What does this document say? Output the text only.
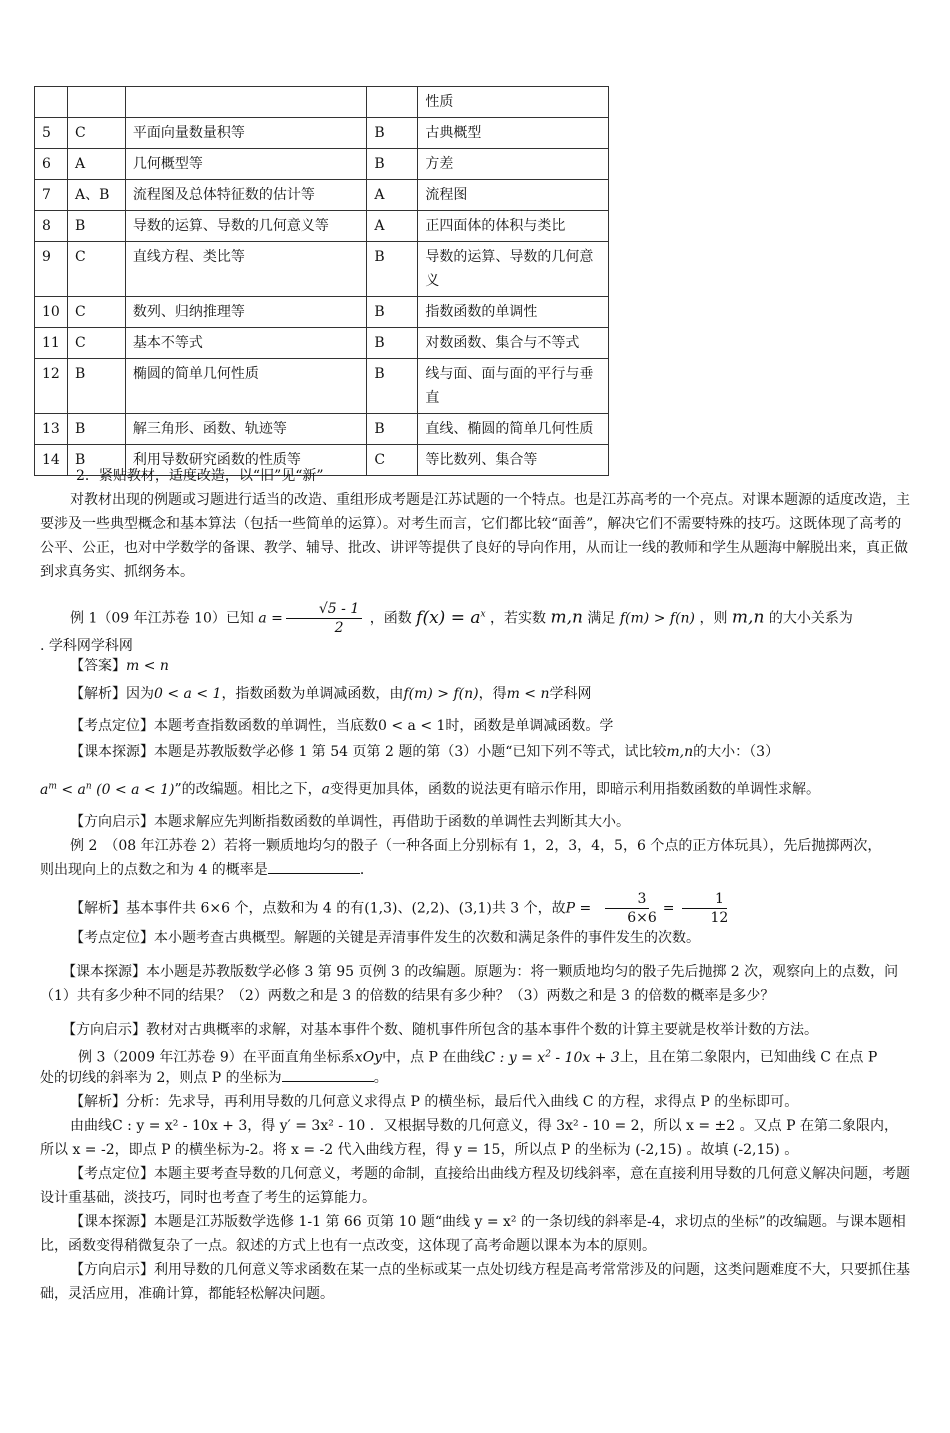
				性质
5	C	平面向量数量积等	B	古典概型
6	A	几何概型等	B	方差
7	A、B	流程图及总体特征数的估计等	A	流程图
8	B	导数的运算、导数的几何意义等	A	正四面体的体积与类比
9	C	直线方程、类比等	B	导数的运算、导数的几何意义
10	C	数列、归纳推理等	B	指数函数的单调性
11	C	基本不等式	B	对数函数、集合与不等式
12	B	椭圆的简单几何性质	B	线与面、面与面的平行与垂直
13	B	解三角形、函数、轨迹等	B	直线、椭圆的简单几何性质
14	B	利用导数研究函数的性质等	C	等比数列、集合等
2．紧贴教材，适度改造，以“旧”见“新”
对教材出现的例题或习题进行适当的改造、重组形成考题是江苏试题的一个特点。也是江苏高考的一个亮点。对课本题源的适度改造，主要涉及一些典型概念和基本算法（包括一些简单的运算）。对考生而言，它们都比较“面善”，解决它们不需要特殊的技巧。这既体现了高考的公平、公正，也对中学数学的备课、教学、辅导、批改、讲评等提供了良好的导向作用，从而让一线的教师和学生从题海中解脱出来，真正做到求真务实、抓纲务本。
例 1（09 年江苏卷 10）已知 $a = \frac{√5 - 1}{2}$ ，函数 $f(x) = a^x$ ，若实数 m,n 满足 f(m) > f(n) ，则 m,n 的大小关系为
. 学科网学科网
【答案】m < n
【解析】因为0 < a < 1，指数函数为单调减函数，由f(m) > f(n)，得m < n学科网
【考点定位】本题考查指数函数的单调性，当底数0 < a < 1时，函数是单调减函数。学
【课本探源】本题是苏教版数学必修 1 第 54 页第 2 题的第（3）小题“已知下列不等式，试比较m,n的大小：（3）
$a^m < a^n$ (0 < a < 1)”的改编题。相比之下，a变得更加具体，函数的说法更有暗示作用，即暗示利用指数函数的单调性求解。
【方向启示】本题求解应先判断指数函数的单调性，再借助于函数的单调性去判断其大小。
例 2　（08 年江苏卷 2）若将一颗质地均匀的骰子（一种各面上分别标有 1，2，3，4，5，6 个点的正方体玩具），先后抛掷两次，
则出现向上的点数之和为 4 的概率是	．
【解析】基本事件共 6×6 个，点数和为 4 的有(1,3)、(2,2)、(3,1)共 3 个，故$P = \frac{3}{6\times 6} = \frac{1}{12}$
【考点定位】本小题考查古典概型。解题的关键是弄清事件发生的次数和满足条件的事件发生的次数。
【课本探源】本小题是苏教版数学必修 3 第 95 页例 3 的改编题。原题为：将一颗质地均匀的骰子先后抛掷 2 次，观察向上的点数，问（1）共有多少种不同的结果？（2）两数之和是 3 的倍数的结果有多少种？（3）两数之和是 3 的倍数的概率是多少？
【方向启示】教材对古典概率的求解，对基本事件个数、随机事件所包含的基本事件个数的计算主要就是枚举计数的方法。
例 3（2009 年江苏卷 9）在平面直角坐标系xOy中，点 P 在曲线C : $y = x^2 - 10x + 3$上，且在第二象限内，已知曲线 C 在点 P
处的切线的斜率为 2，则点 P 的坐标为	。
【解析】分析：先求导，再利用导数的几何意义求得点 P 的横坐标，最后代入曲线 C 的方程，求得点 P 的坐标即可。
由曲线C : y = x² - 10x + 3，得 y′ = 3x² - 10 ．又根据导数的几何意义，得 3x² - 10 = 2，所以 x = ±2 。又点 P 在第二象限内，
所以 x = -2，即点 P 的横坐标为-2。将 x = -2 代入曲线方程，得 y = 15，所以点 P 的坐标为 (-2,15) 。故填 (-2,15) 。
【考点定位】本题主要考查导数的几何意义，考题的命制，直接给出曲线方程及切线斜率，意在直接利用导数的几何意义解决问题，考题设计重基础，淡技巧，同时也考查了考生的运算能力。
【课本探源】本题是江苏版数学选修 1-1 第 66 页第 10 题“曲线 y = x² 的一条切线的斜率是-4，求切点的坐标”的改编题。与课本题相比，函数变得稍微复杂了一点。叙述的方式上也有一点改变，这体现了高考命题以课本为本的原则。
【方向启示】利用导数的几何意义等求函数在某一点的坐标或某一点处切线方程是高考常常涉及的问题，这类问题难度不大，只要抓住基础，灵活应用，准确计算，都能轻松解决问题。
